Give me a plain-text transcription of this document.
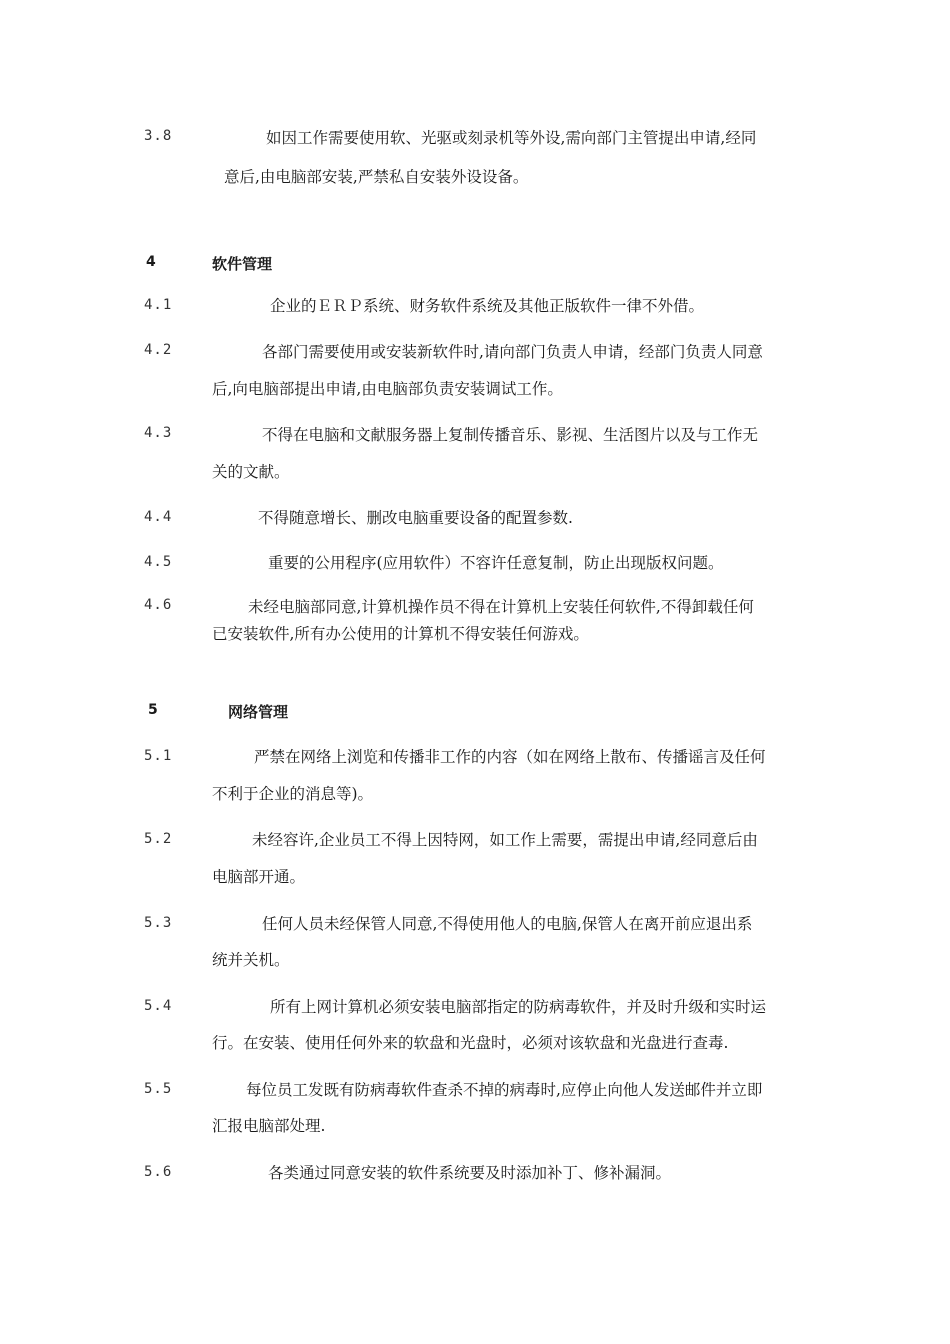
3.8	如因工作需要使用软、光驱或刻录机等外设,需向部门主管提出申请,经同
意后,由电脑部安装,严禁私自安装外设设备。
4	软件管理
4.1	企业的ＥＲＰ系统、财务软件系统及其他正版软件一律不外借。
4.2	各部门需要使用或安装新软件时,请向部门负责人申请，经部门负责人同意
后,向电脑部提出申请,由电脑部负责安装调试工作。
4.3	不得在电脑和文献服务器上复制传播音乐、影视、生活图片以及与工作无
关的文献。
4.4	不得随意增长、删改电脑重要设备的配置参数.
4.5	重要的公用程序(应用软件）不容许任意复制，防止出现版权问题。
4.6	未经电脑部同意,计算机操作员不得在计算机上安装任何软件,不得卸载任何
已安装软件,所有办公使用的计算机不得安装任何游戏。
5	网络管理
5.1	严禁在网络上浏览和传播非工作的内容（如在网络上散布、传播谣言及任何
不利于企业的消息等)。
5.2	未经容许,企业员工不得上因特网，如工作上需要，需提出申请,经同意后由
电脑部开通。
5.3	任何人员未经保管人同意,不得使用他人的电脑,保管人在离开前应退出系
统并关机。
5.4	所有上网计算机必须安装电脑部指定的防病毒软件，并及时升级和实时运
行。在安装、使用任何外来的软盘和光盘时，必须对该软盘和光盘进行查毒.
5.5	每位员工发既有防病毒软件查杀不掉的病毒时,应停止向他人发送邮件并立即
汇报电脑部处理.
5.6	各类通过同意安装的软件系统要及时添加补丁、修补漏洞。
